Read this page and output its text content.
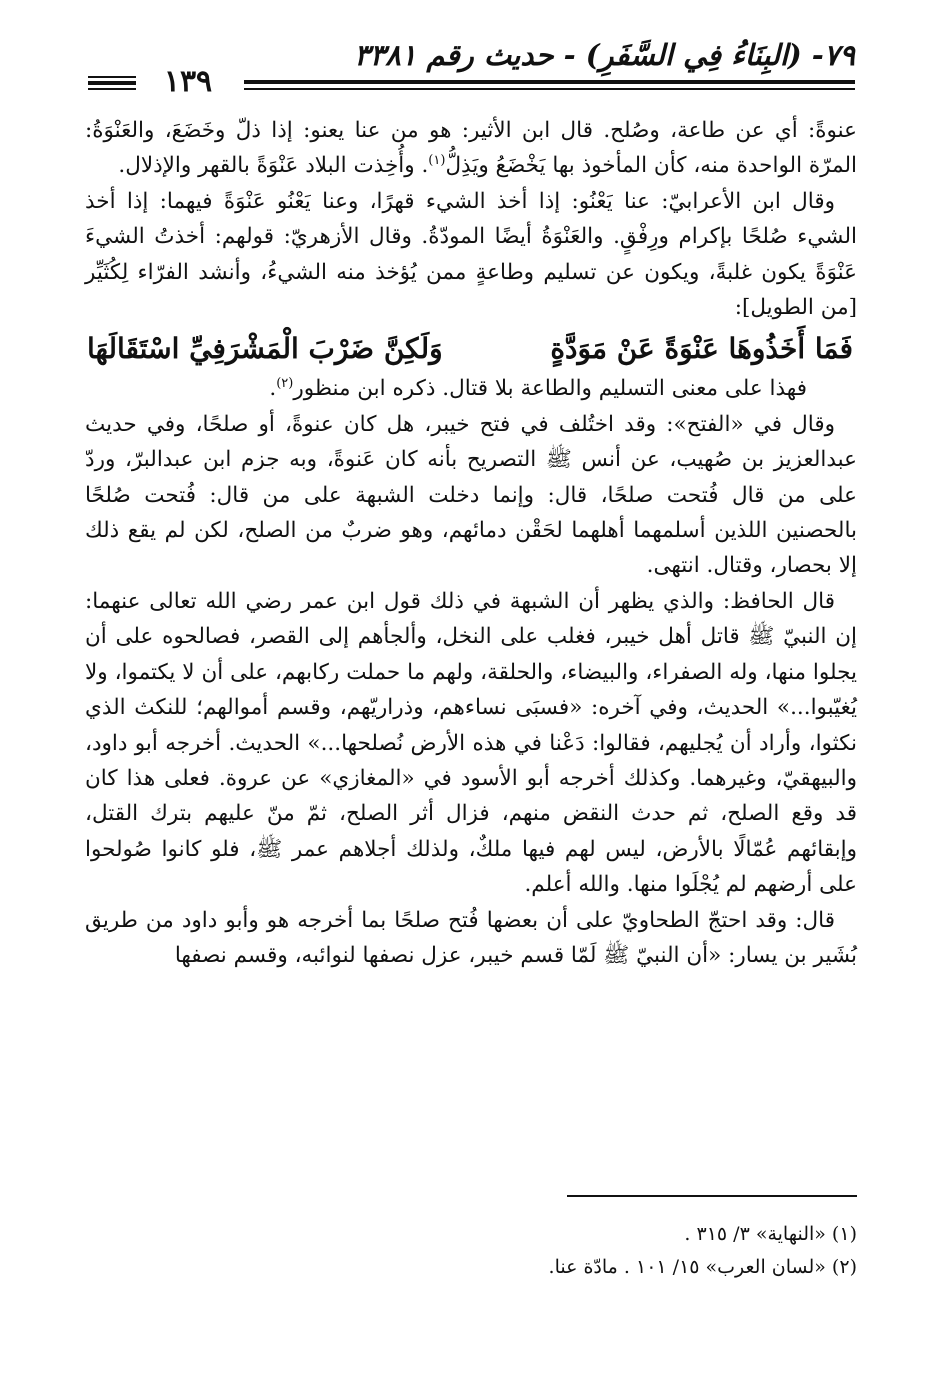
٧٩- (البِنَاءُ فِي السَّفَرِ) - حديث رقم ٣٣٨١
١٣٩

عنوةً: أي عن طاعة، وصُلح. قال ابن الأثير: هو من عنا يعنو: إذا ذلّ وخَضَعَ، والعَنْوَةُ: المرّة الواحدة منه، كأن المأخوذ بها يَخْضَعُ ويَذِلُّ$^{(١)}$. وأُخِذت البلاد عَنْوَةً بالقهر والإذلال.

وقال ابن الأعرابيّ: عنا يَعْنُو: إذا أخذ الشيء قهرًا، وعنا يَعْنُو عَنْوَةً فيهما: إذا أخذ الشيء صُلحًا بإكرام ورِفْقٍ. والعَنْوَةُ أيضًا المودّةُ. وقال الأزهريّ: قولهم: أخذتُ الشيءَ عَنْوَةً يكون غلبةً، ويكون عن تسليم وطاعةٍ ممن يُؤخذ منه الشيءُ، وأنشد الفرّاء لِكُثَيِّر [من الطويل]:

فَمَا أَخَذُوهَا عَنْوَةً عَنْ مَوَدَّةٍ
وَلَكِنَّ ضَرْبَ الْمَشْرَفِيِّ اسْتَقَالَهَا

فهذا على معنى التسليم والطاعة بلا قتال. ذكره ابن منظور$^{(٢)}$.

وقال في «الفتح»: وقد اختُلف في فتح خيبر، هل كان عنوةً، أو صلحًا، وفي حديث عبدالعزيز بن صُهيب، عن أنس ﷺ التصريح بأنه كان عَنوةً، وبه جزم ابن عبدالبرّ، وردّ على من قال فُتحت صلحًا، قال: وإنما دخلت الشبهة على من قال: فُتحت صُلحًا بالحصنين اللذين أسلمهما أهلهما لحَقْن دمائهم، وهو ضربٌ من الصلح، لكن لم يقع ذلك إلا بحصار، وقتال. انتهى.

قال الحافظ: والذي يظهر أن الشبهة في ذلك قول ابن عمر رضي الله تعالى عنهما: إن النبيّ ﷺ قاتل أهل خيبر، فغلب على النخل، وألجأهم إلى القصر، فصالحوه على أن يجلوا منها، وله الصفراء، والبيضاء، والحلقة، ولهم ما حملت ركابهم، على أن لا يكتموا، ولا يُغيّبوا...» الحديث، وفي آخره: «فسبَى نساءهم، وذراريّهم، وقسم أموالهم؛ للنكث الذي نكثوا، وأراد أن يُجليهم، فقالوا: دَعْنا في هذه الأرض نُصلحها...» الحديث. أخرجه أبو داود، والبيهقيّ، وغيرهما. وكذلك أخرجه أبو الأسود في «المغازي» عن عروة. فعلى هذا كان قد وقع الصلح، ثم حدث النقض منهم، فزال أثر الصلح، ثمّ منّ عليهم بترك القتل، وإبقائهم عُمّالًا بالأرض، ليس لهم فيها ملكٌ، ولذلك أجلاهم عمر ﷺ، فلو كانوا صُولحوا على أرضهم لم يُجْلَوا منها. والله أعلم.

قال: وقد احتجّ الطحاويّ على أن بعضها فُتح صلحًا بما أخرجه هو وأبو داود من طريق بُشَير بن يسار: «أن النبيّ ﷺ لَمّا قسم خيبر، عزل نصفها لنوائبه، وقسم نصفها

(١) «النهاية» ٣/ ٣١٥ .
(٢) «لسان العرب» ١٥/ ١٠١ . مادّة عنا.
